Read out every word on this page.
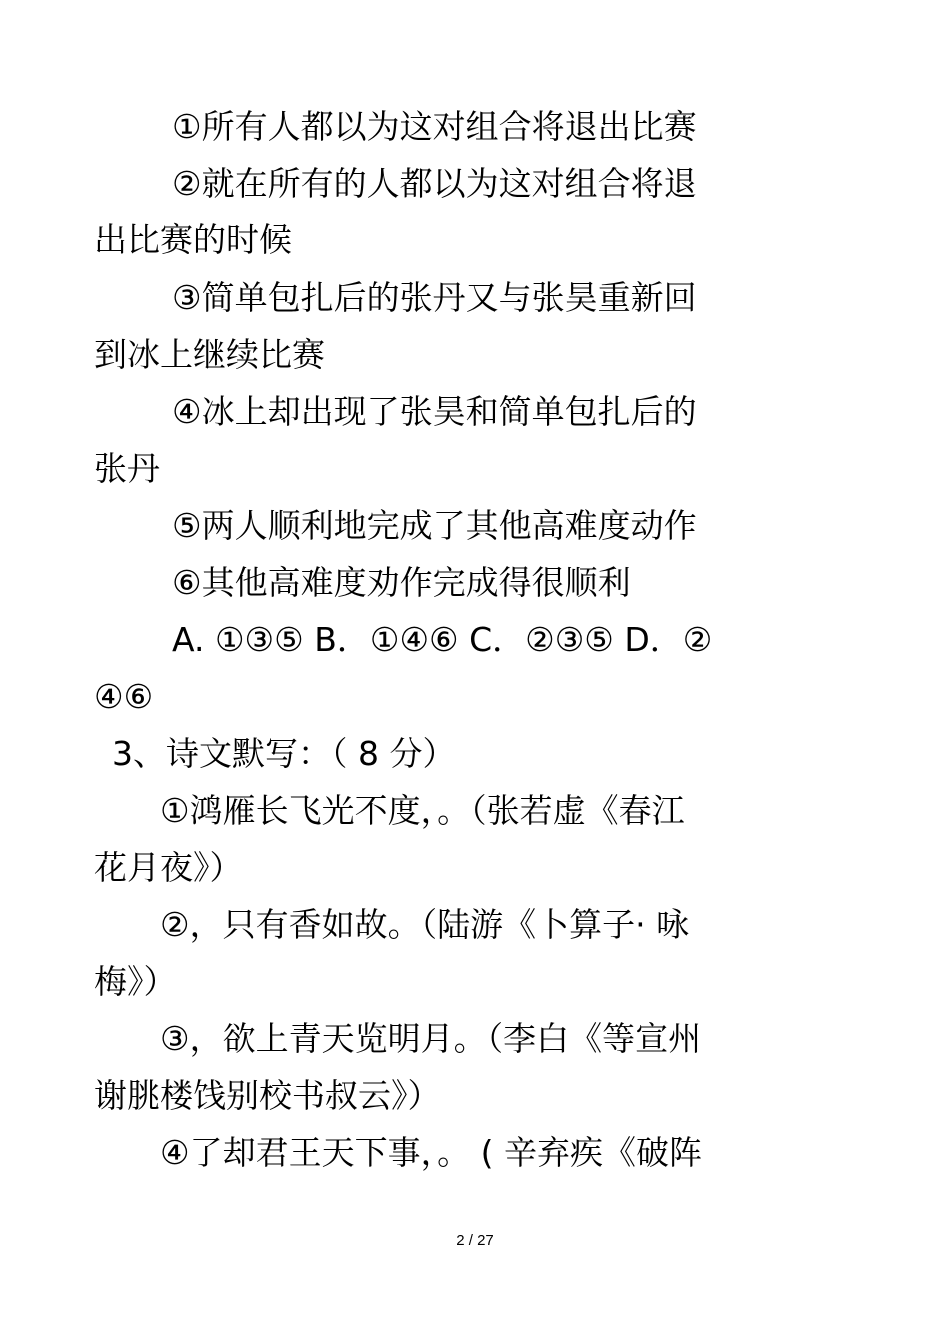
①所有人都以为这对组合将退出比赛
②就在所有的人都以为这对组合将退
出比赛的时候
③简单包扎后的张丹又与张昊重新回
到冰上继续比赛
④冰上却出现了张昊和简单包扎后的
张丹
⑤两人顺利地完成了其他高难度动作
⑥其他高难度劝作完成得很顺利
A. ①③⑤ B．①④⑥ C．②③⑤ D．②
④⑥
3、诗文默写：（ 8 分）
①鸿雁长飞光不度，。（张若虚《春江
花月夜》）
②，只有香如故。（陆游《卜算子· 咏
梅》）
③，欲上青天览明月。（李白《等宣州
谢朓楼饯别校书叔云》）
④了却君王天下事，。 ( 辛弃疾《破阵
2 / 27
